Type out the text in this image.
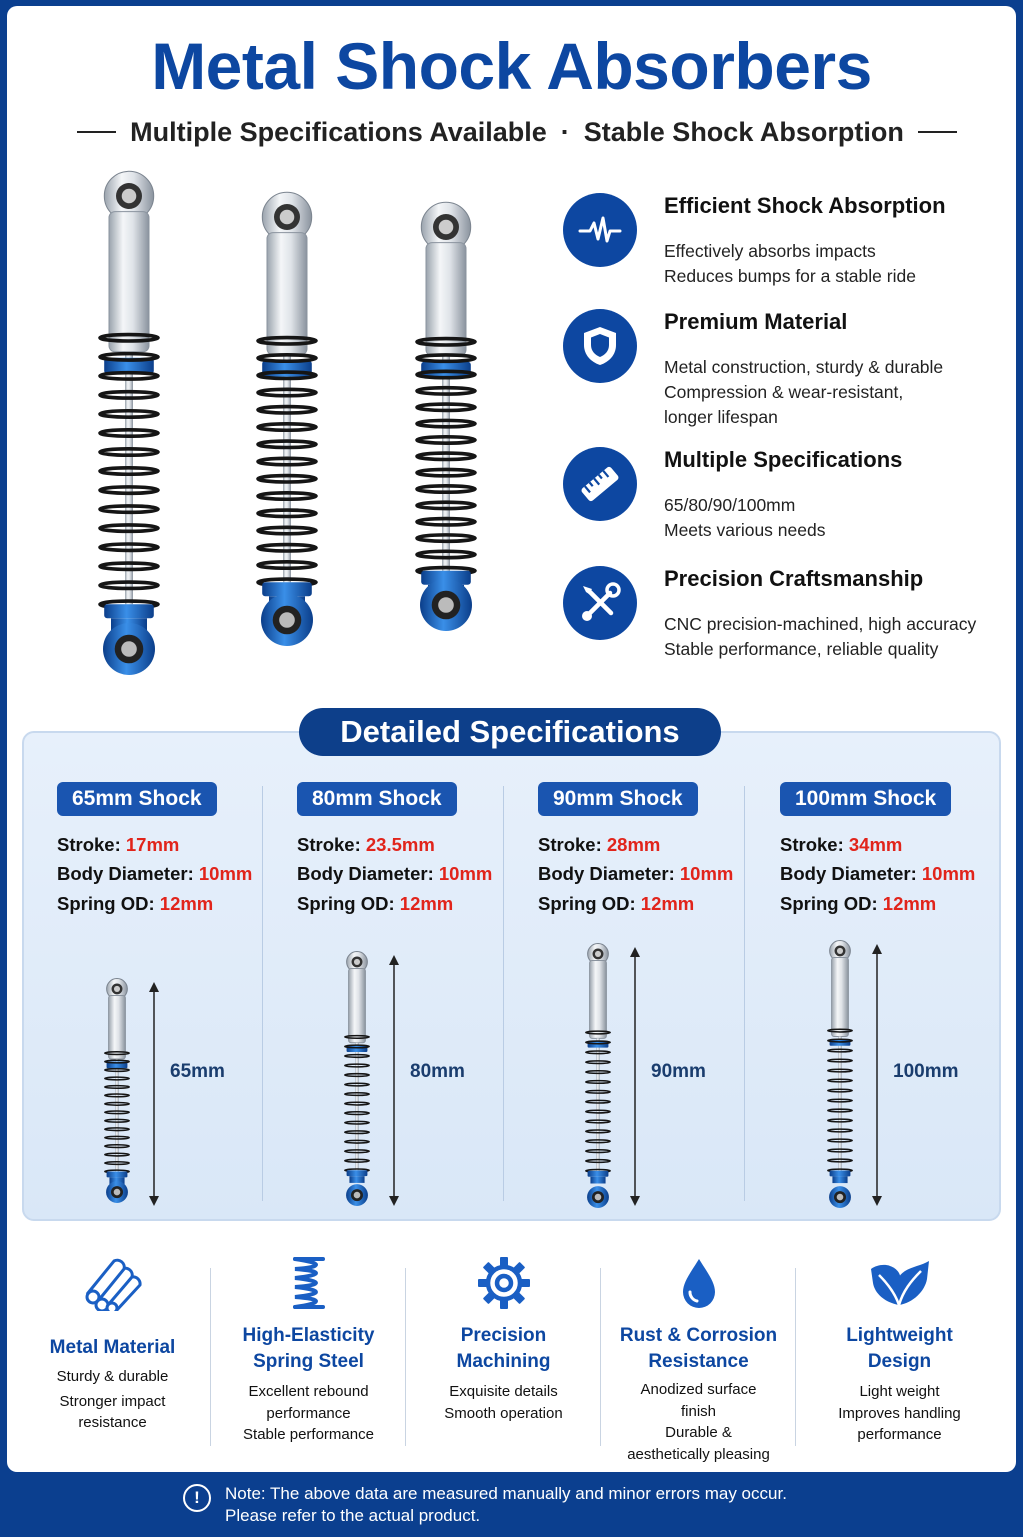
Metal Shock Absorbers
Multiple Specifications Available · Stable Shock Absorption
Efficient Shock Absorption
Effectively absorbs impacts
Reduces bumps for a stable ride
Premium Material
Metal construction, sturdy & durable
Compression & wear-resistant,
longer lifespan
Multiple Specifications
65/80/90/100mm
Meets various needs
Precision Craftsmanship
CNC precision-machined, high accuracy
Stable performance, reliable quality
Detailed Specifications
65mm Shock
Stroke: 17mm
Body Diameter: 10mm
Spring OD: 12mm
65mm
80mm Shock
Stroke: 23.5mm
Body Diameter: 10mm
Spring OD: 12mm
80mm
90mm Shock
Stroke: 28mm
Body Diameter: 10mm
Spring OD: 12mm
90mm
100mm Shock
Stroke: 34mm
Body Diameter: 10mm
Spring OD: 12mm
100mm
Metal Material
Sturdy & durable
Stronger impact
resistance
High-Elasticity
Spring Steel
Excellent rebound
performance
Stable performance
Precision
Machining
Exquisite details
Smooth operation
Rust & Corrosion
Resistance
Anodized surface
finish
Durable &
aesthetically pleasing
Lightweight
Design
Light weight
Improves handling
performance
!	Note: The above data are measured manually and minor errors may occur.
Please refer to the actual product.
